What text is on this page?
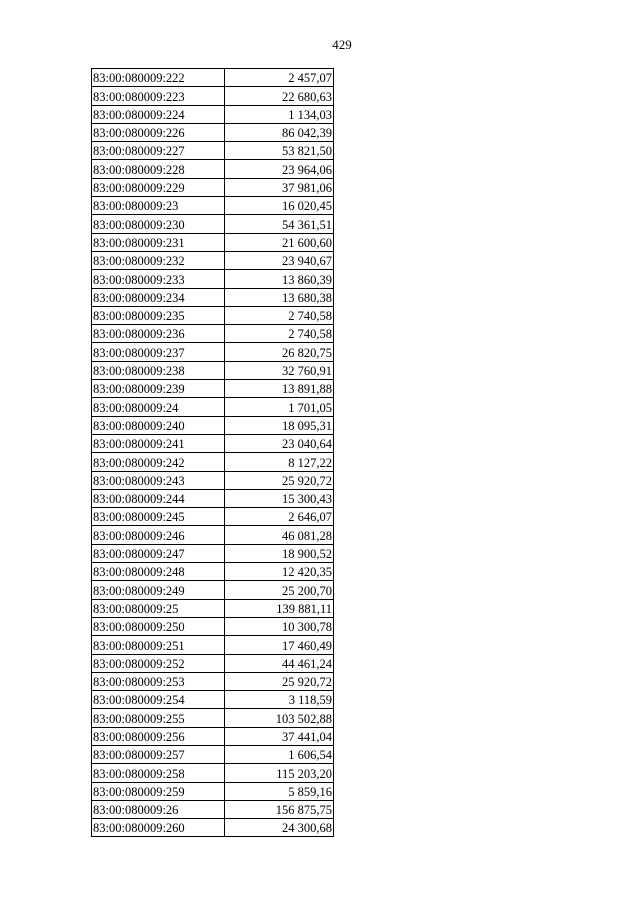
429
83:00:080009:222	2 457,07
83:00:080009:223	22 680,63
83:00:080009:224	1 134,03
83:00:080009:226	86 042,39
83:00:080009:227	53 821,50
83:00:080009:228	23 964,06
83:00:080009:229	37 981,06
83:00:080009:23	16 020,45
83:00:080009:230	54 361,51
83:00:080009:231	21 600,60
83:00:080009:232	23 940,67
83:00:080009:233	13 860,39
83:00:080009:234	13 680,38
83:00:080009:235	2 740,58
83:00:080009:236	2 740,58
83:00:080009:237	26 820,75
83:00:080009:238	32 760,91
83:00:080009:239	13 891,88
83:00:080009:24	1 701,05
83:00:080009:240	18 095,31
83:00:080009:241	23 040,64
83:00:080009:242	8 127,22
83:00:080009:243	25 920,72
83:00:080009:244	15 300,43
83:00:080009:245	2 646,07
83:00:080009:246	46 081,28
83:00:080009:247	18 900,52
83:00:080009:248	12 420,35
83:00:080009:249	25 200,70
83:00:080009:25	139 881,11
83:00:080009:250	10 300,78
83:00:080009:251	17 460,49
83:00:080009:252	44 461,24
83:00:080009:253	25 920,72
83:00:080009:254	3 118,59
83:00:080009:255	103 502,88
83:00:080009:256	37 441,04
83:00:080009:257	1 606,54
83:00:080009:258	115 203,20
83:00:080009:259	5 859,16
83:00:080009:26	156 875,75
83:00:080009:260	24 300,68
